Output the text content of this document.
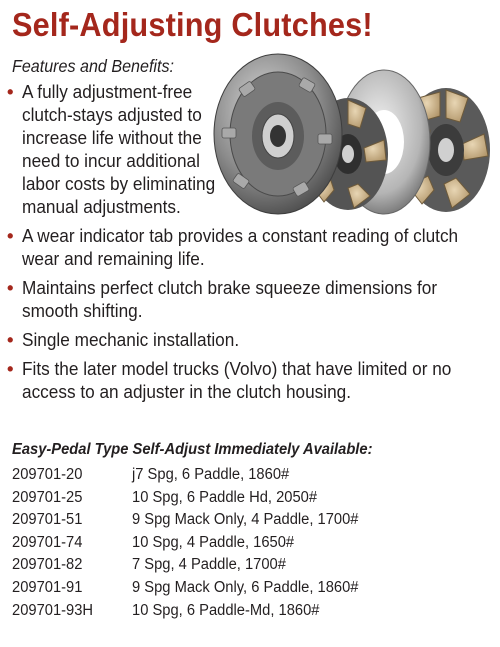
Self-Adjusting Clutches!
Features and Benefits:
• A fully adjustment-free clutch-stays adjusted to increase life without the need to incur additional labor costs by eliminating manual adjustments.
• A wear indicator tab provides a constant reading of clutch wear and remaining life.
• Maintains perfect clutch brake squeeze dimensions for smooth shifting.
• Single mechanic installation.
• Fits the later model trucks (Volvo) that have limited or no access to an adjuster in the clutch housing.
Easy-Pedal Type Self-Adjust Immediately Available:
209701-20	j7 Spg, 6 Paddle, 1860#
209701-25	10 Spg, 6 Paddle Hd, 2050#
209701-51	9 Spg Mack Only, 4 Paddle, 1700#
209701-74	10 Spg, 4 Paddle, 1650#
209701-82	7 Spg, 4 Paddle, 1700#
209701-91	9 Spg Mack Only, 6 Paddle, 1860#
209701-93H	10 Spg, 6 Paddle-Md, 1860#
